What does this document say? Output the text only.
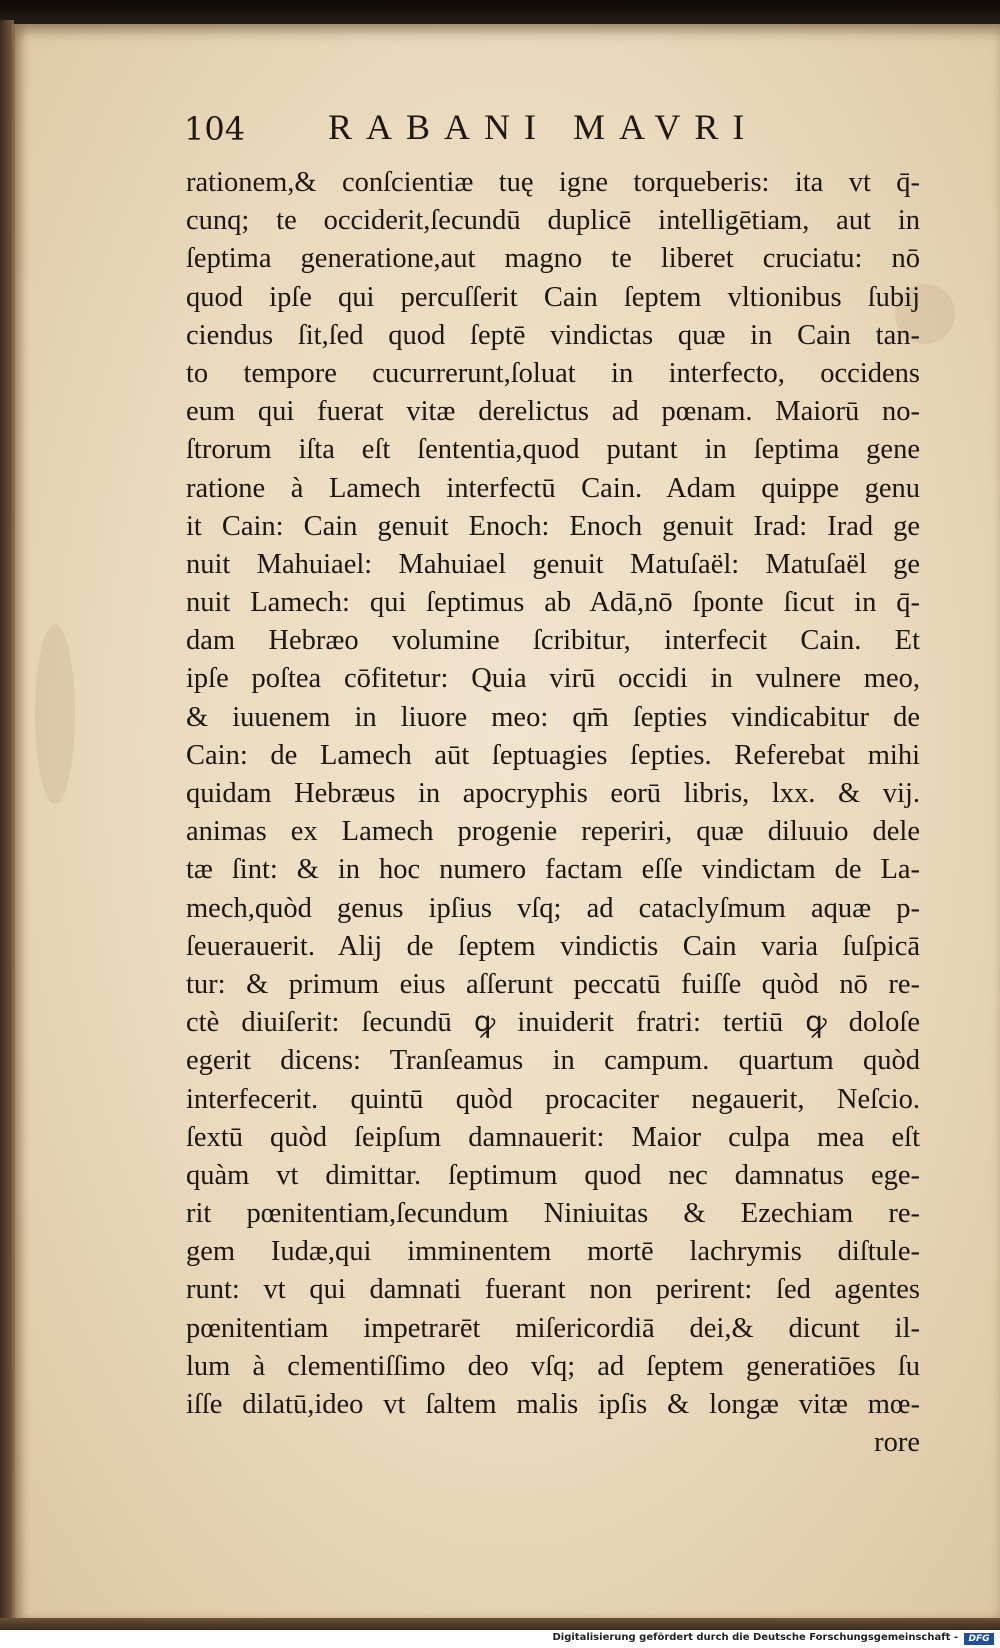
104 RABANI MAVRI
rationem,& conſcientiæ tuę igne torqueberis: ita vt q̄-
cunq; te occiderit,ſecundū duplicē intelligētiam, aut in
ſeptima generatione,aut magno te liberet cruciatu: nō
quod ipſe qui percuſſerit Cain ſeptem vltionibus ſubij
ciendus ſit,ſed quod ſeptē vindictas quæ in Cain tan-
to tempore cucurrerunt,ſoluat in interfecto, occidens
eum qui fuerat vitæ derelictus ad pœnam. Maiorū no-
ſtrorum iſta eſt ſententia,quod putant in ſeptima gene
ratione à Lamech interfectū Cain. Adam quippe genu
it Cain: Cain genuit Enoch: Enoch genuit Irad: Irad ge
nuit Mahuiael: Mahuiael genuit Matuſaël: Matuſaël ge
nuit Lamech: qui ſeptimus ab Adā,nō ſponte ſicut in q̄-
dam Hebræo volumine ſcribitur, interfecit Cain. Et
ipſe poſtea cōfitetur: Quia virū occidi in vulnere meo,
& iuuenem in liuore meo: qm̄ ſepties vindicabitur de
Cain: de Lamech aūt ſeptuagies ſepties. Referebat mihi
quidam Hebræus in apocryphis eorū libris, lxx. & vij.
animas ex Lamech progenie reperiri, quæ diluuio dele
tæ ſint: & in hoc numero factam eſſe vindictam de La-
mech,quòd genus ipſius vſq; ad cataclyſmum aquæ p-
ſeuerauerit. Alij de ſeptem vindictis Cain varia ſuſpicā
tur: & primum eius aſſerunt peccatū fuiſſe quòd nō re-
ctè diuiſerit: ſecundū ꝙ inuiderit fratri: tertiū ꝙ doloſe
egerit dicens: Tranſeamus in campum. quartum quòd
interfecerit. quintū quòd procaciter negauerit, Neſcio.
ſextū quòd ſeipſum damnauerit: Maior culpa mea eſt
quàm vt dimittar. ſeptimum quod nec damnatus ege-
rit pœnitentiam,ſecundum Niniuitas & Ezechiam re-
gem Iudæ,qui imminentem mortē lachrymis diſtule-
runt: vt qui damnati fuerant non perirent: ſed agentes
pœnitentiam impetrarēt miſericordiā dei,& dicunt il-
lum à clementiſſimo deo vſq; ad ſeptem generatiōes ſu
iſſe dilatū,ideo vt ſaltem malis ipſis & longæ vitæ mœ-
rore
Digitalisierung gefördert durch die Deutsche Forschungsgemeinschaft -	DFG
